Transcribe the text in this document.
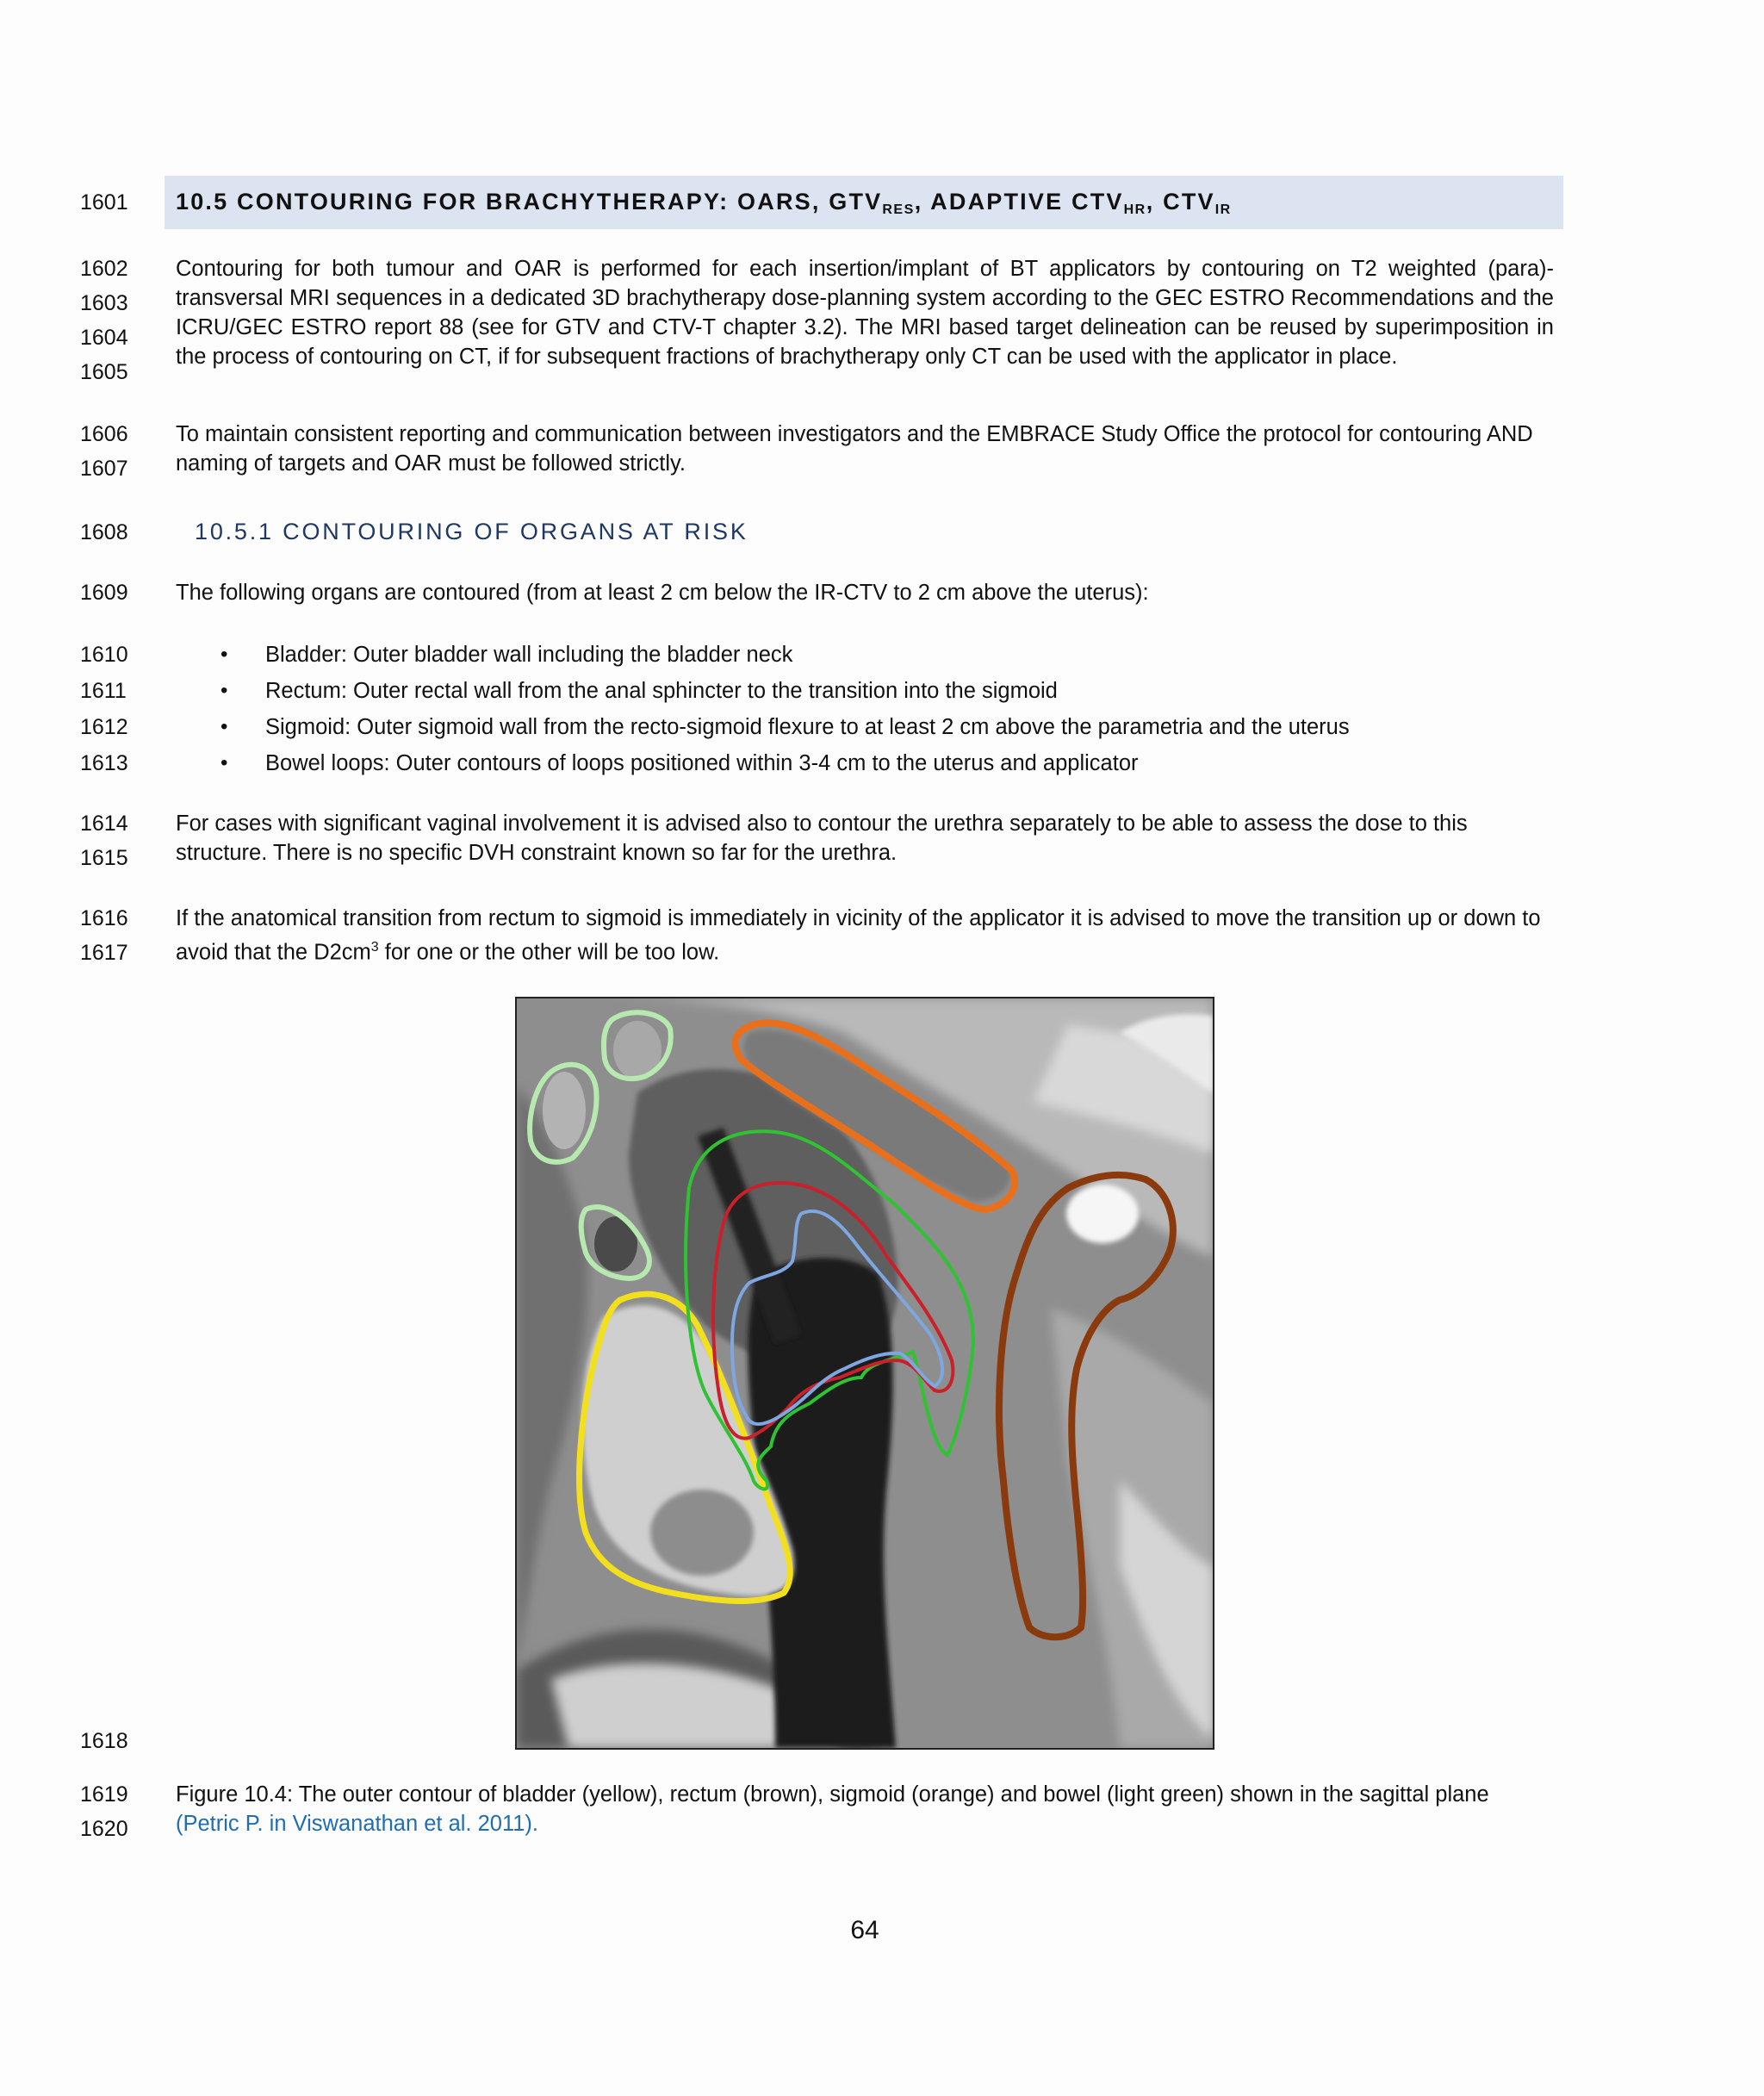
1601
1602
1603
1604
1605
1606
1607
1608
1609
1610
1611
1612
1613
1614
1615
1616
1617
1618
1619
1620
10.5 CONTOURING FOR BRACHYTHERAPY: OARS, $GTV_{RES}$, ADAPTIVE $CTV_{HR}$, $CTV_{IR}$
Contouring for both tumour and OAR is performed for each insertion/implant of BT applicators by contouring on T2 weighted (para)-transversal MRI sequences in a dedicated 3D brachytherapy dose-planning system according to the GEC ESTRO Recommendations and the ICRU/GEC ESTRO report 88 (see for GTV and CTV-T chapter 3.2). The MRI based target delineation can be reused by superimposition in the process of contouring on CT, if for subsequent fractions of brachytherapy only CT can be used with the applicator in place.
To maintain consistent reporting and communication between investigators and the EMBRACE Study Office the protocol for contouring AND naming of targets and OAR must be followed strictly.
10.5.1 CONTOURING OF ORGANS AT RISK
The following organs are contoured (from at least 2 cm below the IR-CTV to 2 cm above the uterus):
• Bladder: Outer bladder wall including the bladder neck
• Rectum: Outer rectal wall from the anal sphincter to the transition into the sigmoid
• Sigmoid: Outer sigmoid wall from the recto-sigmoid flexure to at least 2 cm above the parametria and the uterus
• Bowel loops: Outer contours of loops positioned within 3-4 cm to the uterus and applicator
For cases with significant vaginal involvement it is advised also to contour the urethra separately to be able to assess the dose to this structure. There is no specific DVH constraint known so far for the urethra.
If the anatomical transition from rectum to sigmoid is immediately in vicinity of the applicator it is advised to move the transition up or down to avoid that the $D2cm^3$ for one or the other will be too low.
Figure 10.4: The outer contour of bladder (yellow), rectum (brown), sigmoid (orange) and bowel (light green) shown in the sagittal plane (Petric P. in Viswanathan et al. 2011).
64
